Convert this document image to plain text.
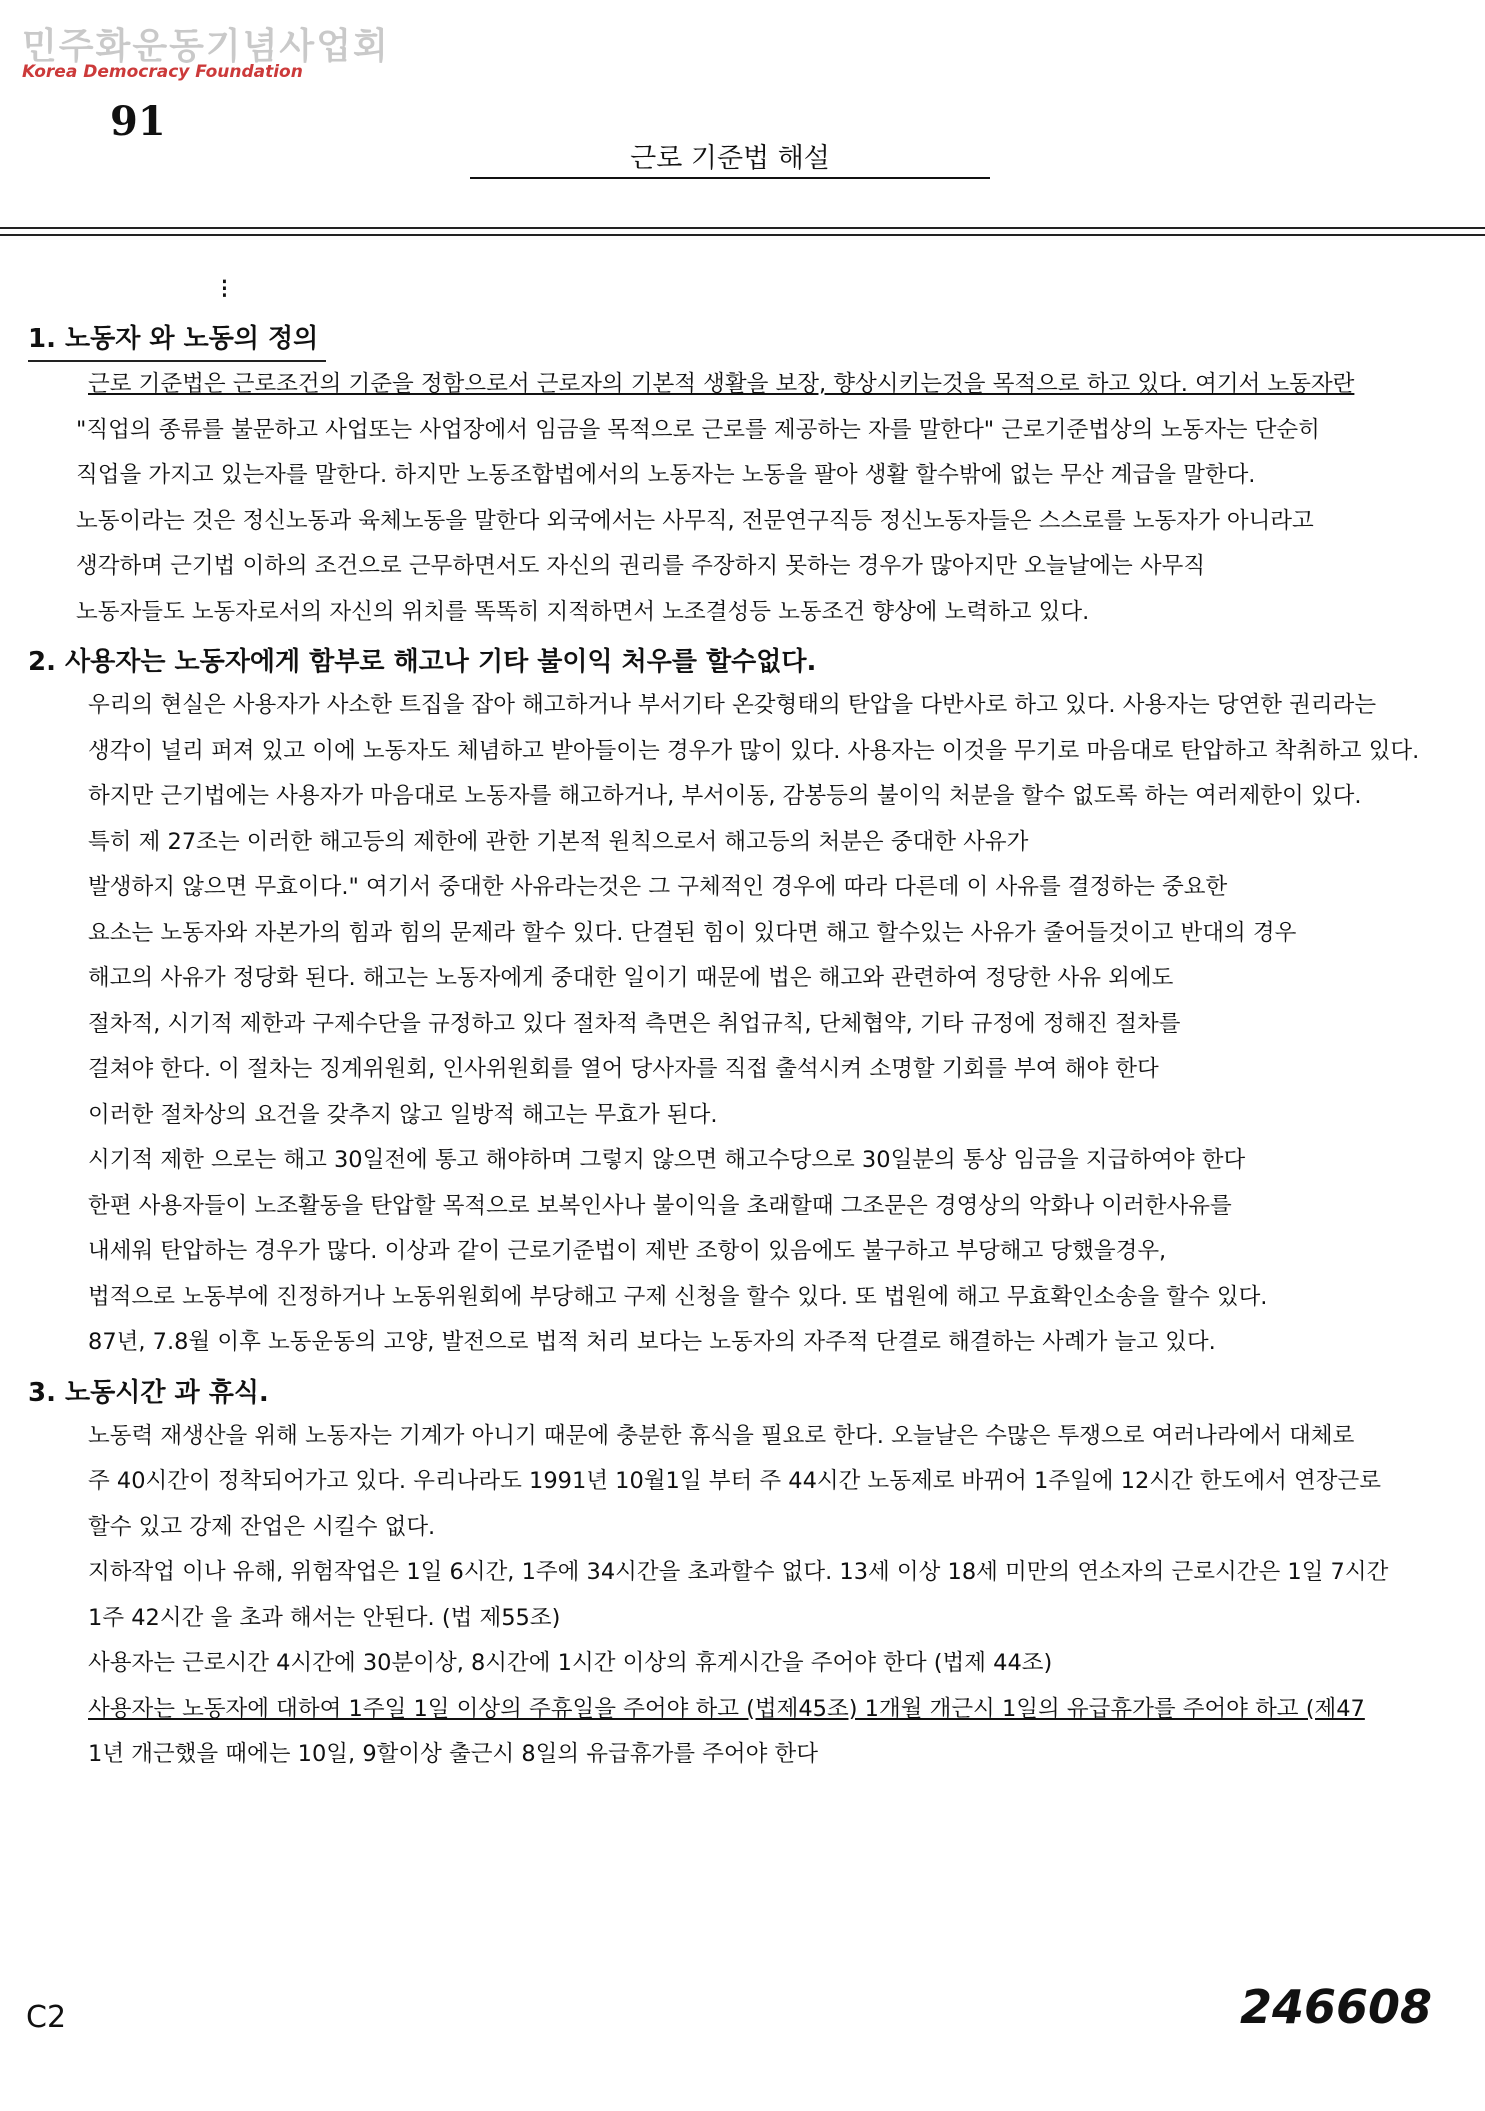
민주화운동기념사업회
Korea Democracy Foundation
91
근로 기준법 해설
⁝
1. 노동자 와 노동의 정의

근로 기준법은 근로조건의 기준을 정함으로서 근로자의 기본적 생활을 보장, 향상시키는것을 목적으로 하고 있다. 여기서 노동자란

"직업의 종류를 불문하고 사업또는 사업장에서 임금을 목적으로 근로를 제공하는 자를 말한다" 근로기준법상의 노동자는 단순히

직업을 가지고 있는자를 말한다. 하지만 노동조합법에서의 노동자는 노동을 팔아 생활 할수밖에 없는 무산 계급을 말한다.

노동이라는 것은 정신노동과 육체노동을 말한다 외국에서는 사무직, 전문연구직등 정신노동자들은 스스로를 노동자가 아니라고

생각하며 근기법 이하의 조건으로 근무하면서도 자신의 권리를 주장하지 못하는 경우가 많아지만 오늘날에는 사무직

노동자들도 노동자로서의 자신의 위치를 똑똑히 지적하면서 노조결성등 노동조건 향상에 노력하고 있다.

2. 사용자는 노동자에게 함부로 해고나 기타 불이익 처우를 할수없다.

우리의 현실은 사용자가 사소한 트집을 잡아 해고하거나 부서기타 온갖형태의 탄압을 다반사로 하고 있다. 사용자는 당연한 권리라는

생각이 널리 퍼져 있고 이에 노동자도 체념하고 받아들이는 경우가 많이 있다. 사용자는 이것을 무기로 마음대로 탄압하고 착취하고 있다.

하지만 근기법에는 사용자가 마음대로 노동자를 해고하거나, 부서이동, 감봉등의 불이익 처분을 할수 없도록 하는 여러제한이 있다.

특히 제 27조는 이러한 해고등의 제한에 관한 기본적 원칙으로서 해고등의 처분은 중대한 사유가

발생하지 않으면 무효이다." 여기서 중대한 사유라는것은 그 구체적인 경우에 따라 다른데 이 사유를 결정하는 중요한

요소는 노동자와 자본가의 힘과 힘의 문제라 할수 있다. 단결된 힘이 있다면 해고 할수있는 사유가 줄어들것이고 반대의 경우

해고의 사유가 정당화 된다. 해고는 노동자에게 중대한 일이기 때문에 법은 해고와 관련하여 정당한 사유 외에도

절차적, 시기적 제한과 구제수단을 규정하고 있다 절차적 측면은 취업규칙, 단체협약, 기타 규정에 정해진 절차를

걸쳐야 한다. 이 절차는 징계위원회, 인사위원회를 열어 당사자를 직접 출석시켜 소명할 기회를 부여 해야 한다

이러한 절차상의 요건을 갖추지 않고 일방적 해고는 무효가 된다.

시기적 제한 으로는 해고 30일전에 통고 해야하며 그렇지 않으면 해고수당으로 30일분의 통상 임금을 지급하여야 한다

한편 사용자들이 노조활동을 탄압할 목적으로 보복인사나 불이익을 초래할때 그조문은 경영상의 악화나 이러한사유를

내세워 탄압하는 경우가 많다. 이상과 같이 근로기준법이 제반 조항이 있음에도 불구하고 부당해고 당했을경우,

법적으로 노동부에 진정하거나 노동위원회에 부당해고 구제 신청을 할수 있다. 또 법원에 해고 무효확인소송을 할수 있다.

87년, 7.8월 이후 노동운동의 고양, 발전으로 법적 처리 보다는 노동자의 자주적 단결로 해결하는 사례가 늘고 있다.

3. 노동시간 과 휴식.

노동력 재생산을 위해 노동자는 기계가 아니기 때문에 충분한 휴식을 필요로 한다. 오늘날은 수많은 투쟁으로 여러나라에서 대체로

주 40시간이 정착되어가고 있다. 우리나라도 1991년 10월1일 부터 주 44시간 노동제로 바뀌어 1주일에 12시간 한도에서 연장근로

할수 있고 강제 잔업은 시킬수 없다.

지하작업 이나 유해, 위험작업은 1일 6시간, 1주에 34시간을 초과할수 없다. 13세 이상 18세 미만의 연소자의 근로시간은 1일 7시간

1주 42시간 을 초과 해서는 안된다. (법 제55조)

사용자는 근로시간 4시간에 30분이상, 8시간에 1시간 이상의 휴게시간을 주어야 한다 (법제 44조)

사용자는 노동자에 대하여 1주일 1일 이상의 주휴일을 주어야 하고 (법제45조) 1개월 개근시 1일의 유급휴가를 주어야 하고 (제47

1년 개근했을 때에는 10일, 9할이상 출근시 8일의 유급휴가를 주어야 한다

C2	246608
